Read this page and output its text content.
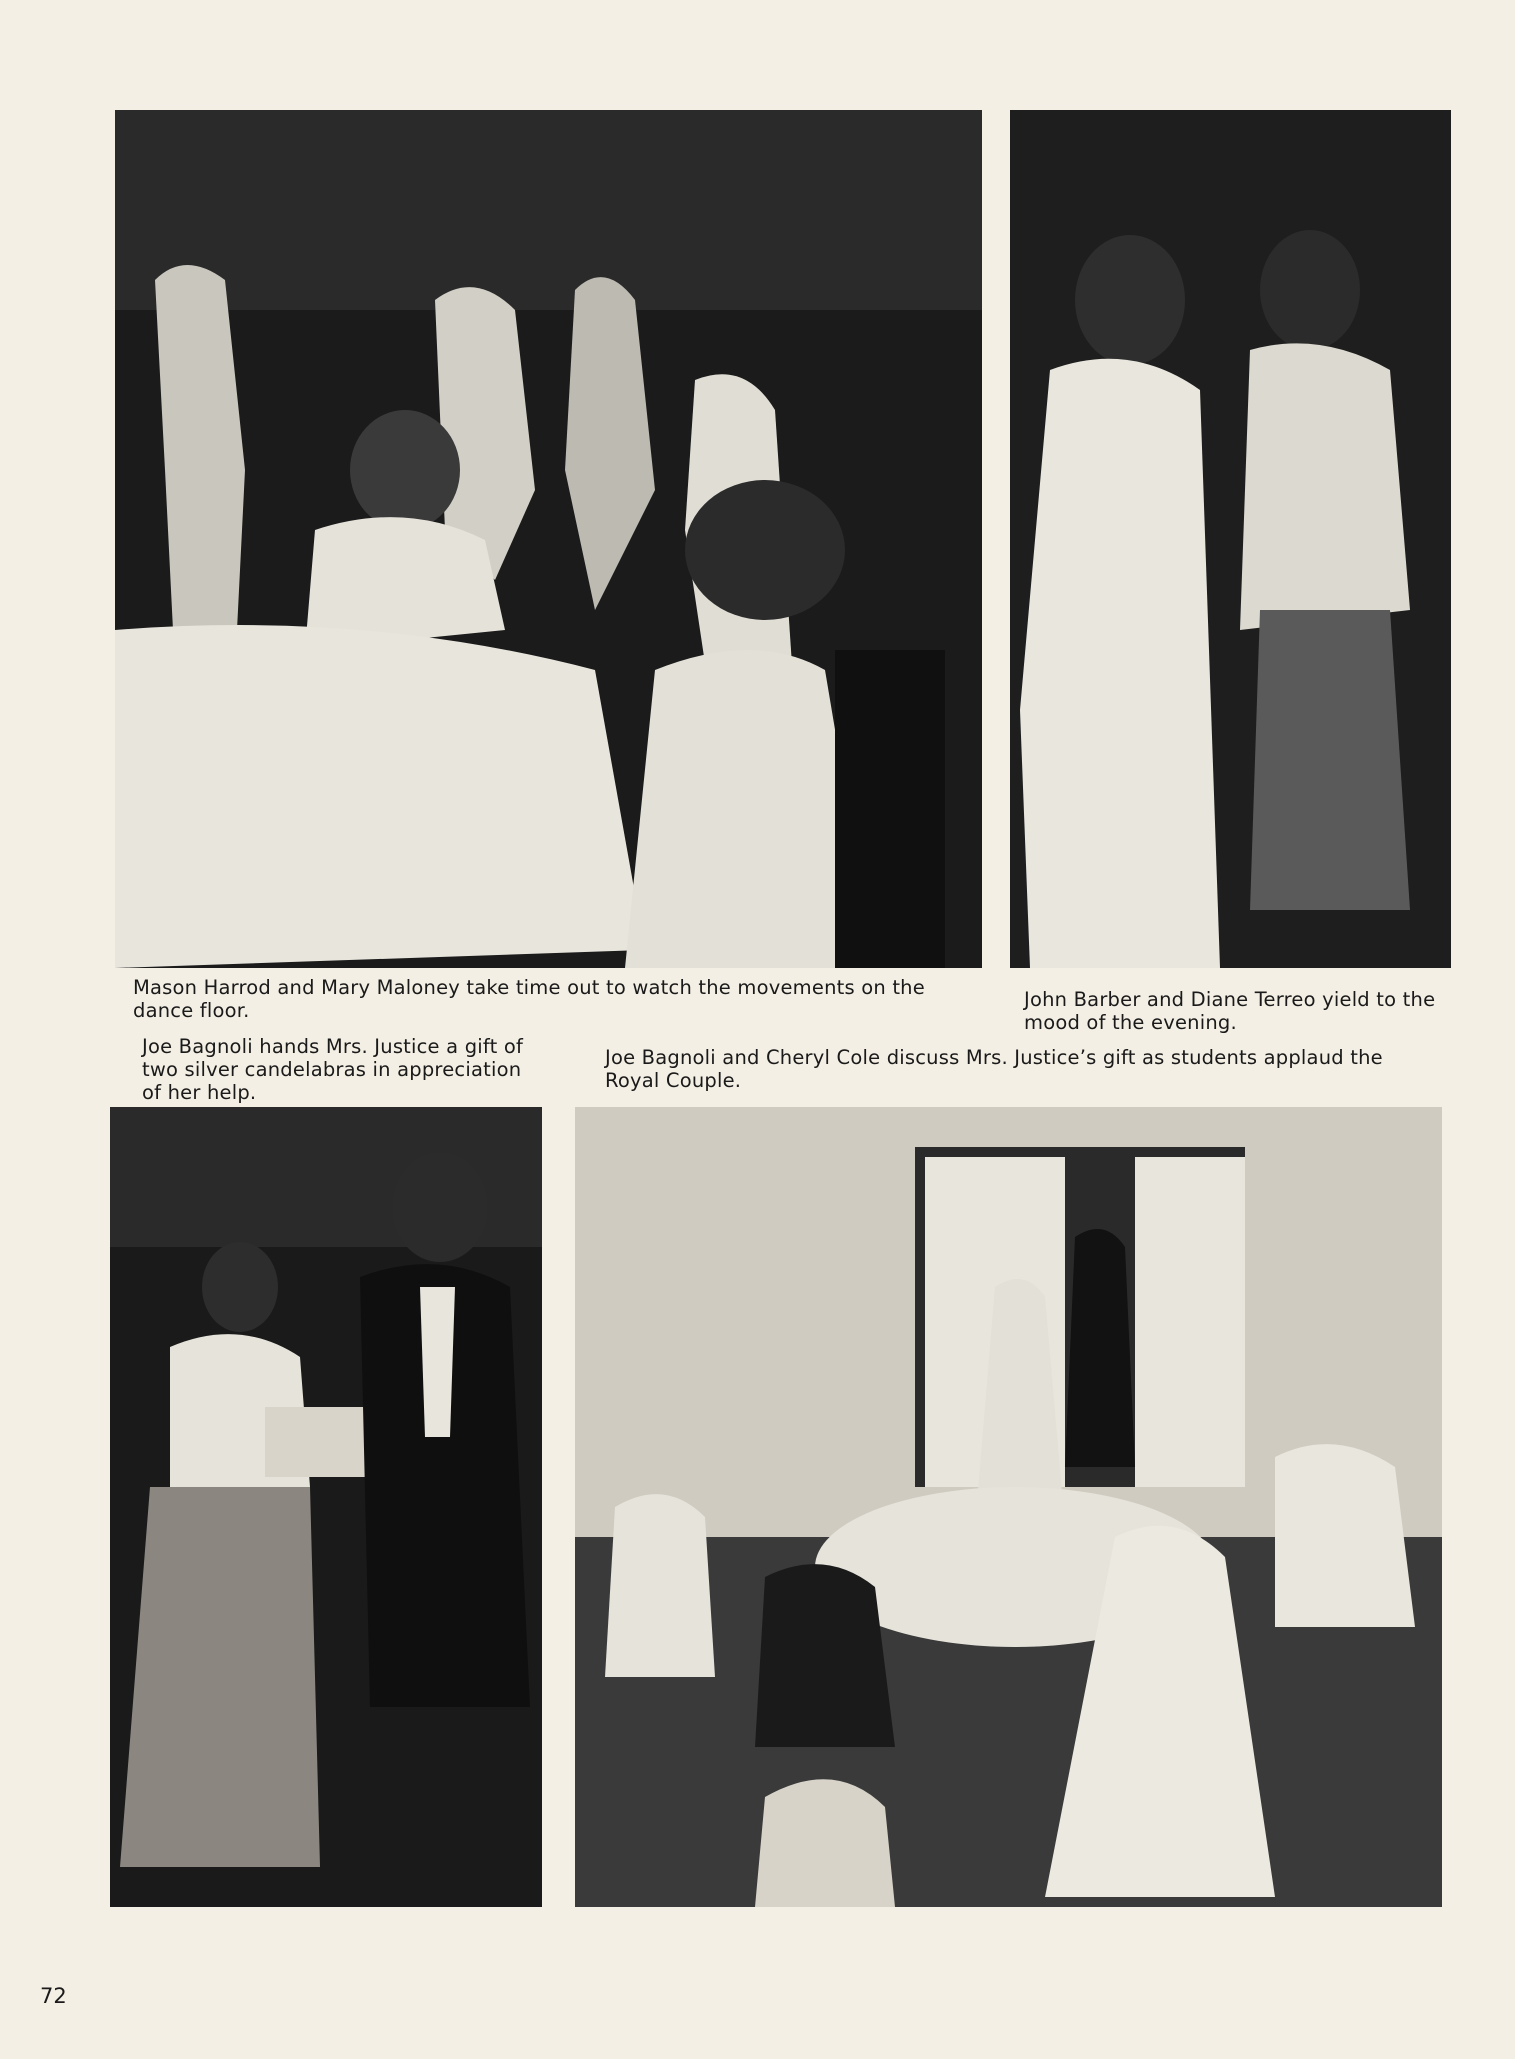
Mason Harrod and Mary Maloney take time out to watch the movements on the dance floor.	John Barber and Diane Terreo yield to the mood of the evening.
Joe Bagnoli hands Mrs. Justice a gift of two silver candelabras in appreciation of her help.
Joe Bagnoli and Cheryl Cole discuss Mrs. Justice’s gift as students applaud the Royal Couple.
72
